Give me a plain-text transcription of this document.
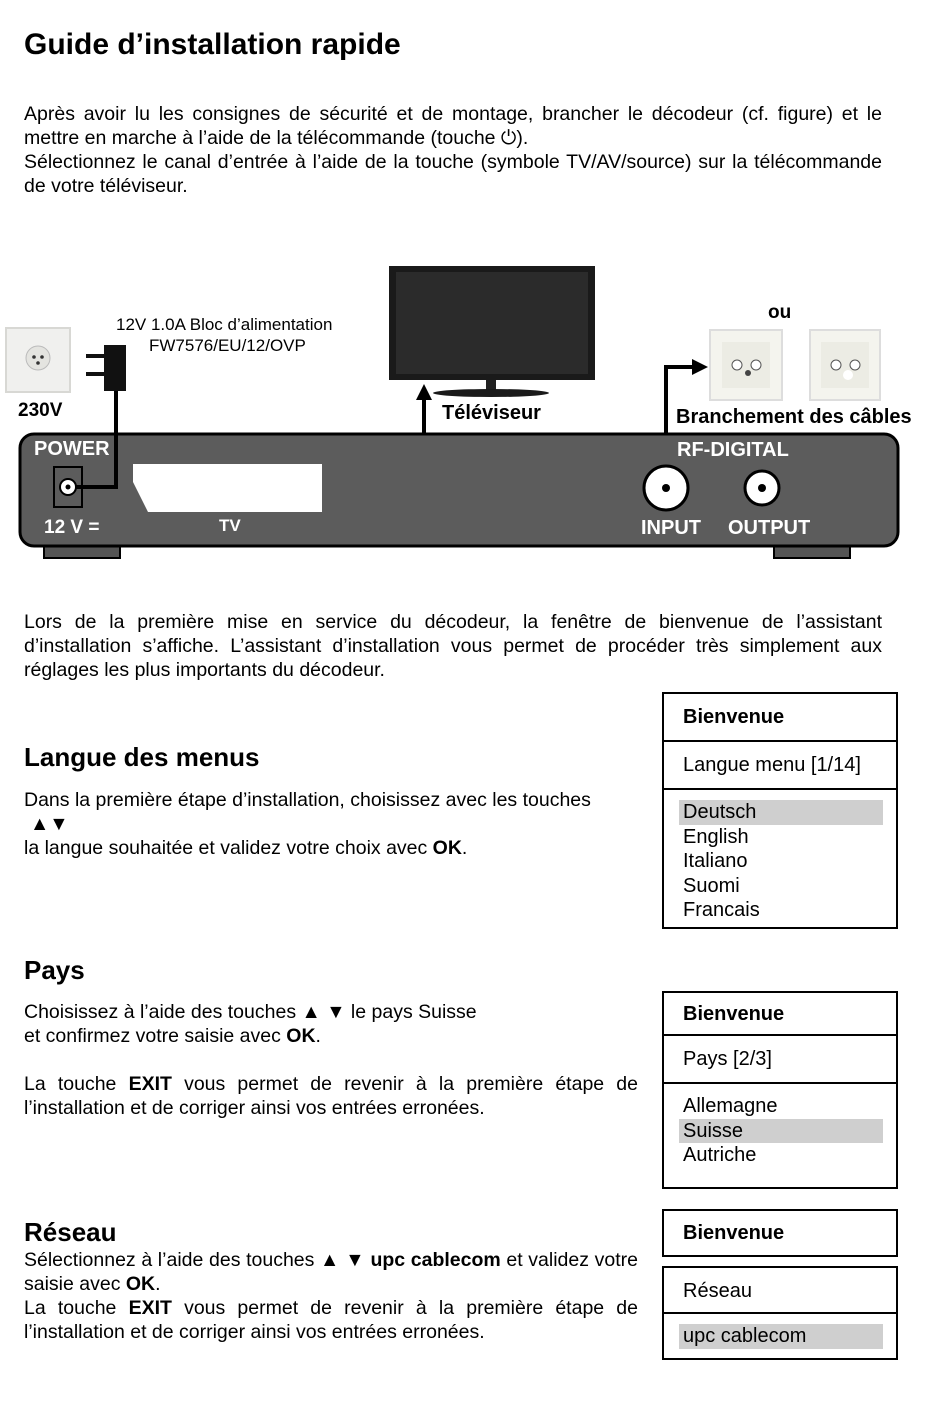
Guide d’installation rapide

Après avoir lu les consignes de sécurité et de montage, brancher le décodeur (cf. figure) et le mettre en marche à l’aide de la télécommande (touche ⏻).

Sélectionnez le canal d’entrée à l’aide de la touche (symbole TV/AV/source) sur la télécommande de votre téléviseur.

12V 1.0A Bloc d’alimentation
FW7576/EU/12/OVP
230V	Téléviseur
ou
Branchement des câbles
POWER	RF-DIGITAL
12 V =	TV	INPUT OUTPUT

Lors de la première mise en service du décodeur, la fenêtre de bienvenue de l’assistant d’installation s’affiche. L’assistant d’installation vous permet de procéder très simplement aux réglages les plus importants du décodeur.

Langue des menus

Dans la première étape d’installation, choisissez avec les touches

▲▼

la langue souhaitée et validez votre choix avec OK.

Bienvenue
Langue menu [1/14]
Deutsch
English
Italiano
Suomi
Francais
Pays

Choisissez à l’aide des touches ▲ ▼ le pays Suisse

et confirmez votre saisie avec OK.

La touche EXIT vous permet de revenir à la première étape de l’installation et de corriger ainsi vos entrées erronées.

Bienvenue
Pays [2/3]
Allemagne
Suisse
Autriche
Réseau

Sélectionnez à l’aide des touches ▲ ▼ upc cablecom et validez votre saisie avec OK.

La touche EXIT vous permet de revenir à la première étape de l’installation et de corriger ainsi vos entrées erronées.

Bienvenue
Réseau
upc cablecom
